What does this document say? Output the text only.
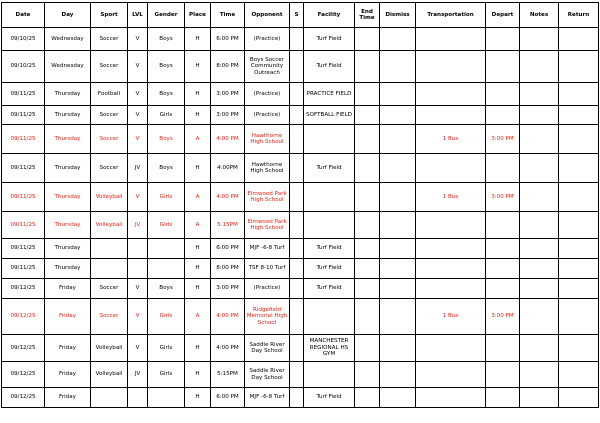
Date	Day	Sport	LVL	Gender	Place	Time	Opponent	S	Facility	End Time	Dismiss	Transportation	Depart	Notes	Return
09/10/25	Wednesday	Soccer	V	Boys	H	6:00 PM	(Practice)		Turf Field						
09/10/25	Wednesday	Soccer	V	Boys	H	8:00 PM	Boys Soccer Community Outreach		Turf Field						
09/11/25	Thursday	Football	V	Boys	H	3:00 PM	(Practice)		PRACTICE FIELD						
09/11/25	Thursday	Soccer	V	Girls	H	3:00 PM	(Practice)		SOFTBALL FIELD						
09/11/25	Thursday	Soccer	V	Boys	A	4:00 PM	Hawthorne High School					1 Bus	3:00 PM		
09/11/25	Thursday	Soccer	JV	Boys	H	4:00PM	Hawthorne High School		Turf Field						
09/11/25	Thursday	Volleyball	V	Girls	A	4:00 PM	Elmwood Park High School					1 Bus	3:00 PM		
09/11/25	Thursday	Volleyball	JV	Girls	A	5:15PM	Elmwood Park High School								
09/11/25	Thursday				H	6:00 PM	MJF -6-8 Turf		Turf Field						
09/11/25	Thursday				H	8:00 PM	TSF 8-10 Turf		Turf Field						
09/12/25	Friday	Soccer	V	Boys	H	3:00 PM	(Practice)		Turf Field						
09/12/25	Friday	Soccer	V	Girls	A	4:00 PM	Ridgefield Memorial High School					1 Bus	3:00 PM		
09/12/25	Friday	Volleyball	V	Girls	H	4:00 PM	Saddle River Day School		MANCHESTER REGIONAL HS GYM						
09/12/25	Friday	Volleyball	JV	Girls	H	5:15PM	Saddle River Day School								
09/12/25	Friday				H	6:00 PM	MJF -6-8 Turf		Turf Field						
